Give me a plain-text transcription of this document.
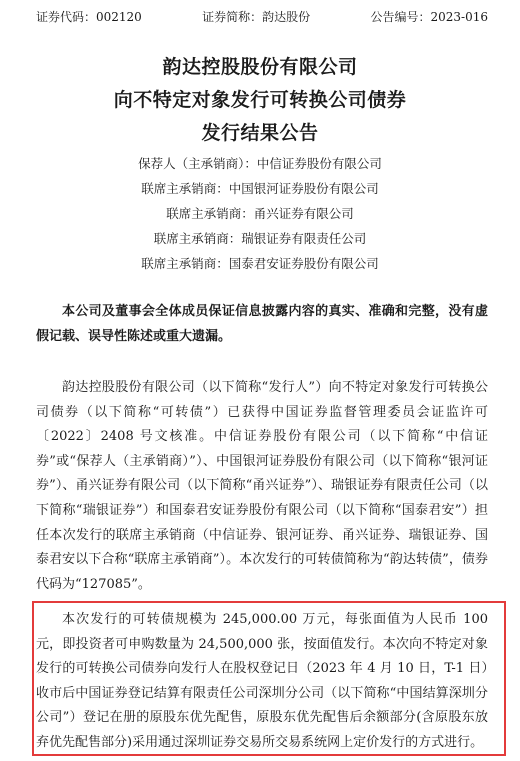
证券代码：002120	证券简称：韵达股份	公告编号：2023-016
韵达控股股份有限公司
向不特定对象发行可转换公司债券
发行结果公告
保荐人（主承销商）：中信证券股份有限公司
联席主承销商：中国银河证券股份有限公司
联席主承销商：甬兴证券有限公司
联席主承销商：瑞银证券有限责任公司
联席主承销商：国泰君安证券股份有限公司

本公司及董事会全体成员保证信息披露内容的真实、准确和完整，没有虚假记载、误导性陈述或重大遗漏。

韵达控股股份有限公司（以下简称“发行人”）向不特定对象发行可转换公司债券（以下简称“可转债”）已获得中国证券监督管理委员会证监许可〔2022〕2408 号文核准。中信证券股份有限公司（以下简称“中信证券”或“保荐人（主承销商）”）、中国银河证券股份有限公司（以下简称“银河证券”）、甬兴证券有限公司（以下简称“甬兴证券”）、瑞银证券有限责任公司（以下简称“瑞银证券”）和国泰君安证券股份有限公司（以下简称“国泰君安”）担任本次发行的联席主承销商（中信证券、银河证券、甬兴证券、瑞银证券、国泰君安以下合称“联席主承销商”）。本次发行的可转债简称为“韵达转债”，债券代码为“127085”。

本次发行的可转债规模为 245,000.00 万元，每张面值为人民币 100 元，即投资者可申购数量为 24,500,000 张，按面值发行。本次向不特定对象发行的可转换公司债券向发行人在股权登记日（2023 年 4 月 10 日，T-1 日）收市后中国证券登记结算有限责任公司深圳分公司（以下简称“中国结算深圳分公司”）登记在册的原股东优先配售，原股东优先配售后余额部分(含原股东放弃优先配售部分)采用通过深圳证券交易所交易系统网上定价发行的方式进行。
